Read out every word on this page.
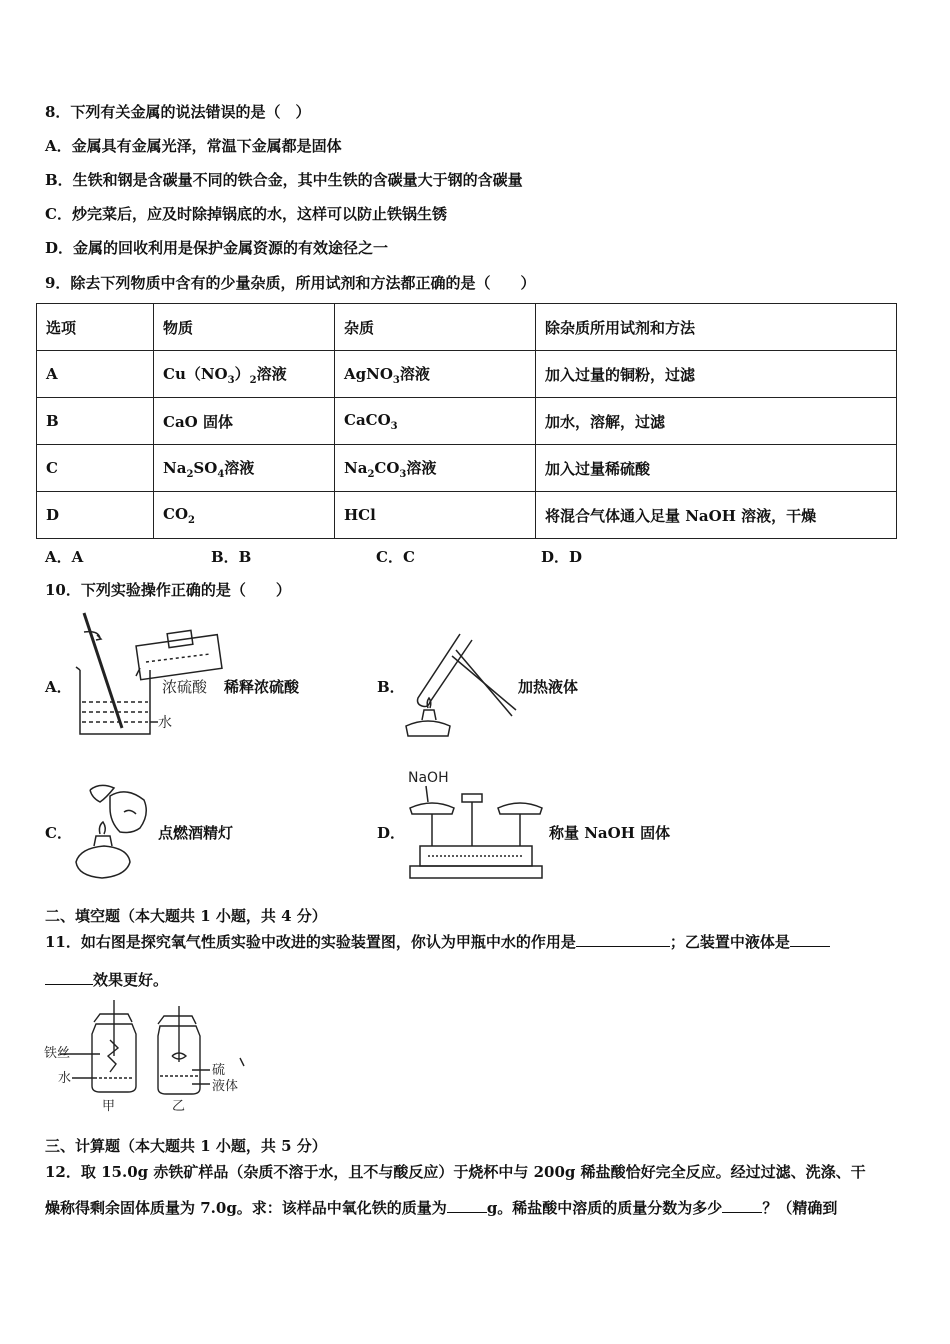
8．下列有关金属的说法错误的是（　）
A．金属具有金属光泽，常温下金属都是固体
B．生铁和钢是含碳量不同的铁合金，其中生铁的含碳量大于钢的含碳量
C．炒完菜后，应及时除掉锅底的水，这样可以防止铁锅生锈
D．金属的回收利用是保护金属资源的有效途径之一
9．除去下列物质中含有的少量杂质，所用试剂和方法都正确的是（　　）
选项	物质	杂质	除杂质所用试剂和方法
A	$Cu(NO_3)_2$溶液	AgNO$_3$溶液	加入过量的铜粉，过滤
B	CaO 固体	CaCO$_3$	加水，溶解，过滤
C	$Na_2SO_4$溶液	$Na_2CO_3$溶液	加入过量稀硫酸
D	$CO_2$	HCl	将混合气体通入足量 NaOH 溶液，干燥
A．A	B．B	C．C	D．D
10．下列实验操作正确的是（　　）
A．	浓硫酸
水
稀释浓硫酸	B．	加热液体
C．	点燃酒精灯	D．
NaOH
称量 NaOH 固体
二、填空题（本大题共 1 小题，共 4 分）
11．如右图是探究氧气性质实验中改进的实验装置图，你认为甲瓶中水的作用是	；乙装置中液体是
效果更好。
铁丝
水
甲	乙
硫
液体
三、计算题（本大题共 1 小题，共 5 分）
12．取 15.0g 赤铁矿样品（杂质不溶于水，且不与酸反应）于烧杯中与 200g 稀盐酸恰好完全反应。经过过滤、洗涤、干
燥称得剩余固体质量为 7.0g。求：该样品中氧化铁的质量为	g。稀盐酸中溶质的质量分数为多少	？（精确到
